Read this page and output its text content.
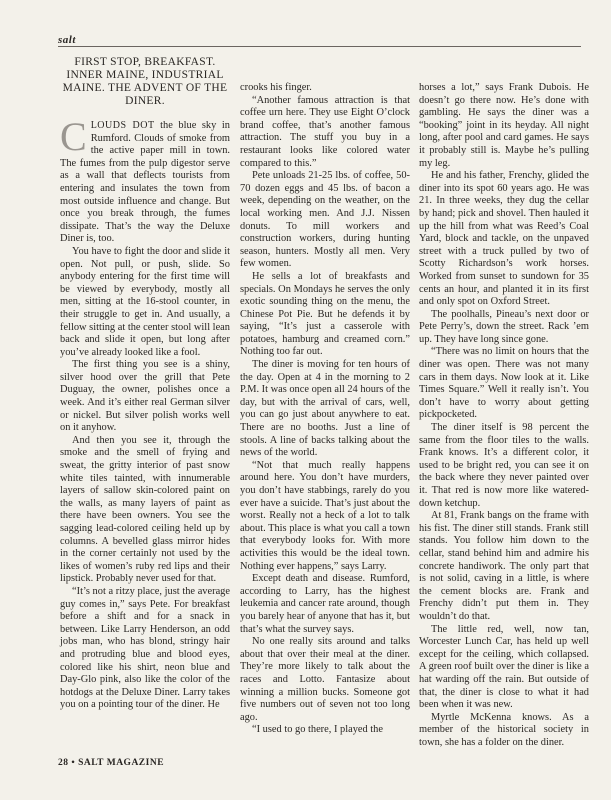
salt
FIRST STOP, BREAKFAST. INNER MAINE, INDUSTRIAL MAINE. THE ADVENT OF THE DINER.

CLOUDS DOT the blue sky in Rumford. Clouds of smoke from the active paper mill in town. The fumes from the pulp digestor serve as a wall that deflects tourists from entering and insulates the town from most outside influence and change. But once you break through, the fumes dissipate. That’s the way the Deluxe Diner is, too.

You have to fight the door and slide it open. Not pull, or push, slide. So anybody entering for the first time will be viewed by everybody, mostly all men, sitting at the 16-stool counter, in their struggle to get in. And usually, a fellow sitting at the center stool will lean back and slide it open, but long after you’ve already looked like a fool.

The first thing you see is a shiny, silver hood over the grill that Pete Duguay, the owner, polishes once a week. And it’s either real German silver or nickel. But silver polish works well on it anyhow.

And then you see it, through the smoke and the smell of frying and sweat, the gritty interior of past snow white tiles tainted, with innumerable layers of sallow skin-colored paint on the walls, as many layers of paint as there have been owners. You see the sagging lead-colored ceiling held up by columns. A bevelled glass mirror hides in the corner certainly not used by the likes of women’s ruby red lips and their lipstick. Probably never used for that.

“It’s not a ritzy place, just the average guy comes in,” says Pete. For breakfast before a shift and for a snack in between. Like Larry Henderson, an odd jobs man, who has blond, stringy hair and protruding blue and blood eyes, colored like his shirt, neon blue and Day-Glo pink, also like the color of the hotdogs at the Deluxe Diner. Larry takes you on a pointing tour of the diner. He

crooks his finger.

“Another famous attraction is that coffee urn here. They use Eight O’clock brand coffee, that’s another famous attraction. The stuff you buy in a restaurant looks like colored water compared to this.”

Pete unloads 21-25 lbs. of coffee, 50-70 dozen eggs and 45 lbs. of bacon a week, depending on the weather, on the local working men. And J.J. Nissen donuts. To mill workers and construction workers, during hunting season, hunters. Mostly all men. Very few women.

He sells a lot of breakfasts and specials. On Mondays he serves the only exotic sounding thing on the menu, the Chinese Pot Pie. But he defends it by saying, “It’s just a casserole with potatoes, hamburg and creamed corn.” Nothing too far out.

The diner is moving for ten hours of the day. Open at 4 in the morning to 2 P.M. It was once open all 24 hours of the day, but with the arrival of cars, well, you can go just about anywhere to eat. There are no booths. Just a line of stools. A line of backs talking about the news of the world.

“Not that much really happens around here. You don’t have murders, you don’t have stabbings, rarely do you ever have a suicide. That’s just about the worst. Really not a heck of a lot to talk about. This place is what you call a town that everybody looks for. With more activities this would be the ideal town. Nothing ever happens,” says Larry.

Except death and disease. Rumford, according to Larry, has the highest leukemia and cancer rate around, though you barely hear of anyone that has it, but that’s what the survey says.

No one really sits around and talks about that over their meal at the diner. They’re more likely to talk about the races and Lotto. Fantasize about winning a million bucks. Someone got five numbers out of seven not too long ago.

“I used to go there, I played the

horses a lot,” says Frank Dubois. He doesn’t go there now. He’s done with gambling. He says the diner was a “booking” joint in its heyday. All night long, after pool and card games. He says it probably still is. Maybe he’s pulling my leg.

He and his father, Frenchy, glided the diner into its spot 60 years ago. He was 21. In three weeks, they dug the cellar by hand; pick and shovel. Then hauled it up the hill from what was Reed’s Coal Yard, block and tackle, on the unpaved street with a truck pulled by two of Scotty Richardson’s work horses. Worked from sunset to sundown for 35 cents an hour, and planted it in its first and only spot on Oxford Street.

The poolhalls, Pineau’s next door or Pete Perry’s, down the street. Rack ’em up. They have long since gone.

“There was no limit on hours that the diner was open. There was not many cars in them days. Now look at it. Like Times Square.” Well it really isn’t. You don’t have to worry about getting pickpocketed.

The diner itself is 98 percent the same from the floor tiles to the walls. Frank knows. It’s a different color, it used to be bright red, you can see it on the back where they never painted over it. That red is now more like watered-down ketchup.

At 81, Frank bangs on the frame with his fist. The diner still stands. Frank still stands. You follow him down to the cellar, stand behind him and admire his concrete handiwork. The only part that is not solid, caving in a little, is where the cement blocks are. Frank and Frenchy didn’t put them in. They wouldn’t do that.

The little red, well, now tan, Worcester Lunch Car, has held up well except for the ceiling, which collapsed. A green roof built over the diner is like a hat warding off the rain. But outside of that, the diner is close to what it had been when it was new.

Myrtle McKenna knows. As a member of the historical society in town, she has a folder on the diner.

28 • SALT MAGAZINE
